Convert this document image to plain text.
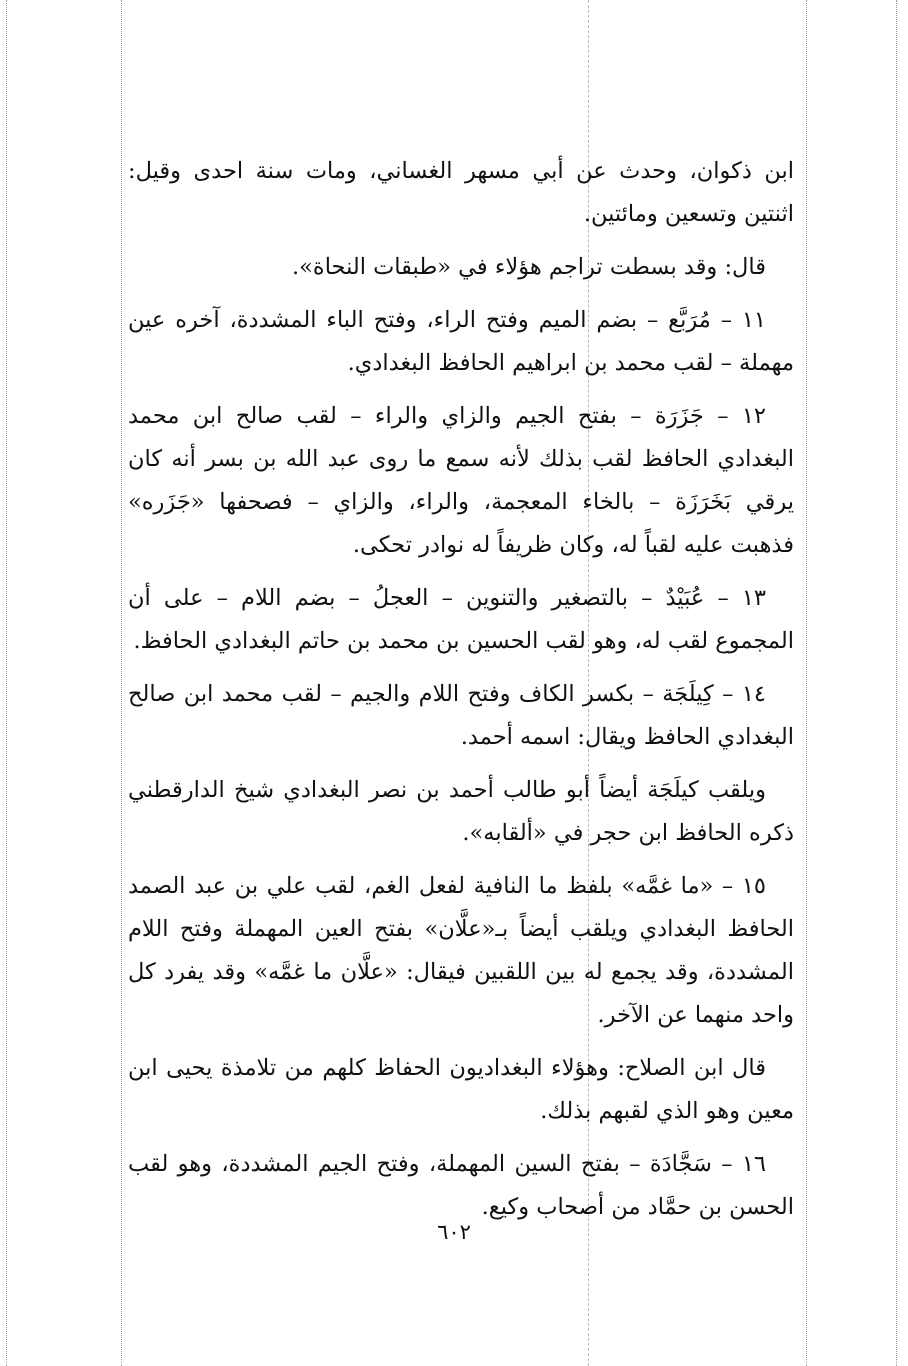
ابن ذكوان، وحدث عن أبي مسهر الغساني، ومات سنة احدى وقيل: اثنتين وتسعين ومائتين.

قال: وقد بسطت تراجم هؤلاء في «طبقات النحاة».

١١ – مُرَبَّع – بضم الميم وفتح الراء، وفتح الباء المشددة، آخره عين مهملة – لقب محمد بن ابراهيم الحافظ البغدادي.

١٢ – جَزَرَة – بفتح الجيم والزاي والراء – لقب صالح ابن محمد البغدادي الحافظ لقب بذلك لأنه سمع ما روى عبد الله بن بسر أنه كان يرقي بَخَرَزَة – بالخاء المعجمة، والراء، والزاي – فصحفها «جَزَره» فذهبت عليه لقباً له، وكان ظريفاً له نوادر تحكى.

١٣ – عُبَيْدٌ – بالتصغير والتنوين – العجلُ – بضم اللام – على أن المجموع لقب له، وهو لقب الحسين بن محمد بن حاتم البغدادي الحافظ.

١٤ – كِيلَجَة – بكسر الكاف وفتح اللام والجيم – لقب محمد ابن صالح البغدادي الحافظ ويقال: اسمه أحمد.

ويلقب كيلَجَة أيضاً أبو طالب أحمد بن نصر البغدادي شيخ الدارقطني ذكره الحافظ ابن حجر في «ألقابه».

١٥ – «ما غمَّه» بلفظ ما النافية لفعل الغم، لقب علي بن عبد الصمد الحافظ البغدادي ويلقب أيضاً بـ«علَّان» بفتح العين المهملة وفتح اللام المشددة، وقد يجمع له بين اللقبين فيقال: «علَّان ما غمَّه» وقد يفرد كل واحد منهما عن الآخر.

قال ابن الصلاح: وهؤلاء البغداديون الحفاظ كلهم من تلامذة يحيى ابن معين وهو الذي لقبهم بذلك.

١٦ – سَجَّادَة – بفتح السين المهملة، وفتح الجيم المشددة، وهو لقب الحسن بن حمَّاد من أصحاب وكيع.

٦٠٢
